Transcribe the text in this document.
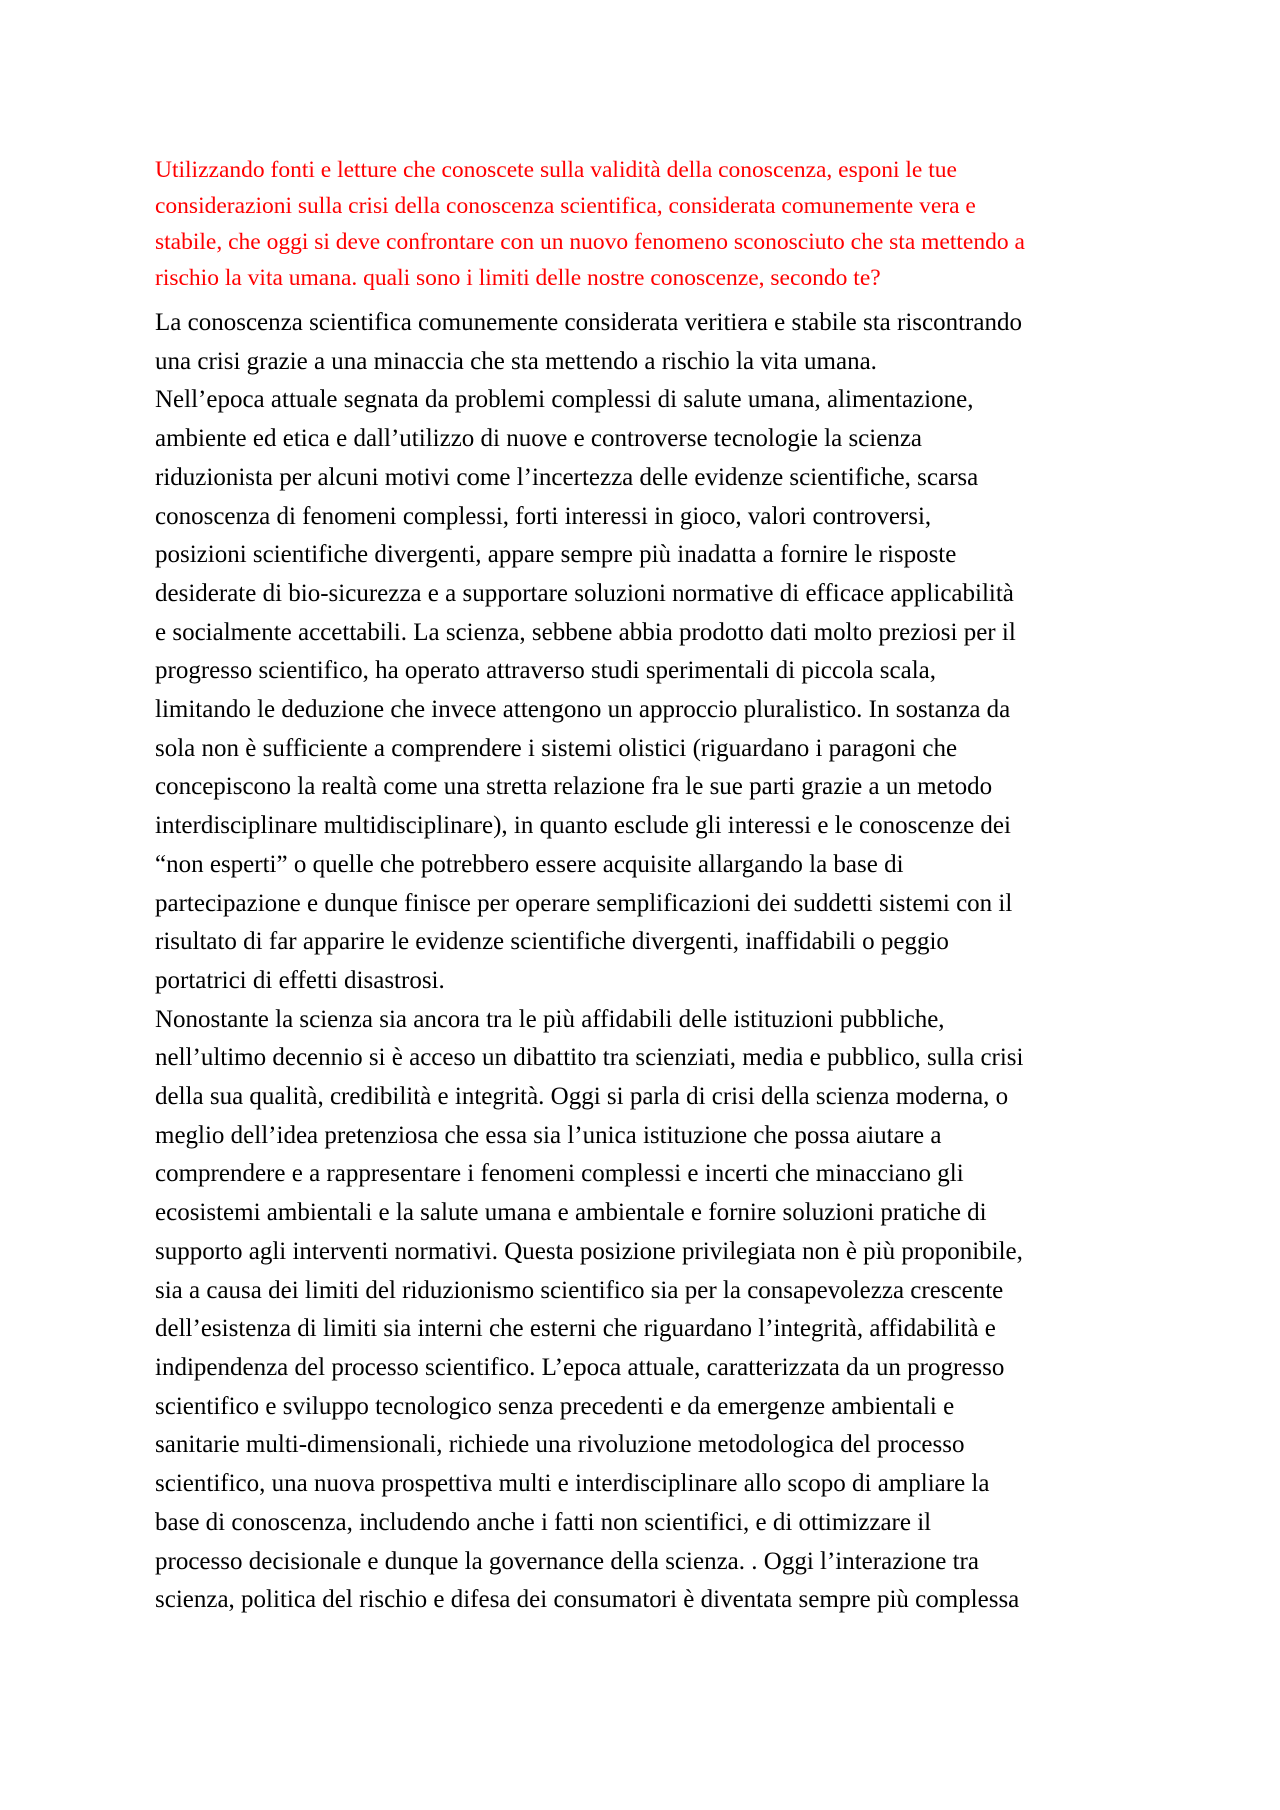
Utilizzando fonti e letture che conoscete sulla validità della conoscenza, esponi le tue
considerazioni sulla crisi della conoscenza scientifica, considerata comunemente vera e
stabile, che oggi si deve confrontare con un nuovo fenomeno sconosciuto che sta mettendo a
rischio la vita umana. quali sono i limiti delle nostre conoscenze, secondo te?

La conoscenza scientifica comunemente considerata veritiera e stabile sta riscontrando
una crisi grazie a una minaccia che sta mettendo a rischio la vita umana.
Nell’epoca attuale segnata da problemi complessi di salute umana, alimentazione,
ambiente ed etica e dall’utilizzo di nuove e controverse tecnologie la scienza
riduzionista per alcuni motivi come l’incertezza delle evidenze scientifiche, scarsa
conoscenza di fenomeni complessi, forti interessi in gioco, valori controversi,
posizioni scientifiche divergenti, appare sempre più inadatta a fornire le risposte
desiderate di bio-sicurezza e a supportare soluzioni normative di efficace applicabilità
e socialmente accettabili. La scienza, sebbene abbia prodotto dati molto preziosi per il
progresso scientifico, ha operato attraverso studi sperimentali di piccola scala,
limitando le deduzione che invece attengono un approccio pluralistico. In sostanza da
sola non è sufficiente a comprendere i sistemi olistici (riguardano i paragoni che
concepiscono la realtà come una stretta relazione fra le sue parti grazie a un metodo
interdisciplinare multidisciplinare), in quanto esclude gli interessi e le conoscenze dei
“non esperti” o quelle che potrebbero essere acquisite allargando la base di
partecipazione e dunque finisce per operare semplificazioni dei suddetti sistemi con il
risultato di far apparire le evidenze scientifiche divergenti, inaffidabili o peggio
portatrici di effetti disastrosi.
Nonostante la scienza sia ancora tra le più affidabili delle istituzioni pubbliche,
nell’ultimo decennio si è acceso un dibattito tra scienziati, media e pubblico, sulla crisi
della sua qualità, credibilità e integrità. Oggi si parla di crisi della scienza moderna, o
meglio dell’idea pretenziosa che essa sia l’unica istituzione che possa aiutare a
comprendere e a rappresentare i fenomeni complessi e incerti che minacciano gli
ecosistemi ambientali e la salute umana e ambientale e fornire soluzioni pratiche di
supporto agli interventi normativi. Questa posizione privilegiata non è più proponibile,
sia a causa dei limiti del riduzionismo scientifico sia per la consapevolezza crescente
dell’esistenza di limiti sia interni che esterni che riguardano l’integrità, affidabilità e
indipendenza del processo scientifico. L’epoca attuale, caratterizzata da un progresso
scientifico e sviluppo tecnologico senza precedenti e da emergenze ambientali e
sanitarie multi-dimensionali, richiede una rivoluzione metodologica del processo
scientifico, una nuova prospettiva multi e interdisciplinare allo scopo di ampliare la
base di conoscenza, includendo anche i fatti non scientifici, e di ottimizzare il
processo decisionale e dunque la governance della scienza. . Oggi l’interazione tra
scienza, politica del rischio e difesa dei consumatori è diventata sempre più complessa
